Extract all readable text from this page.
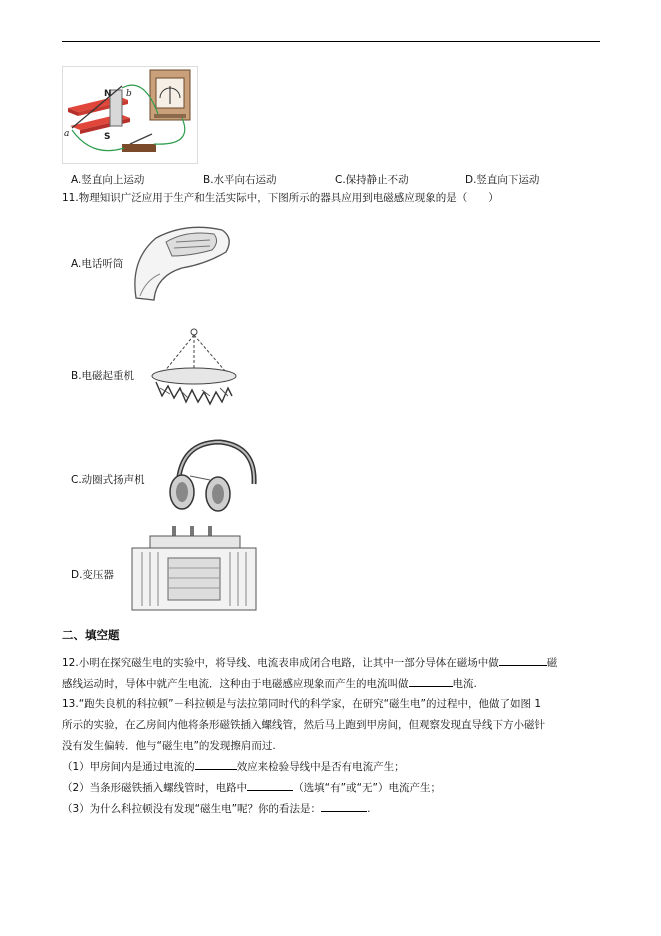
N
S
a
b
A.竖直向上运动	B.水平向右运动	C.保持静止不动	D.竖直向下运动
11.物理知识广泛应用于生产和生活实际中，下图所示的器具应用到电磁感应现象的是（　　）
A.电话听筒
B.电磁起重机
C.动圈式扬声机
D.变压器
二、填空题
12.小明在探究磁生电的实验中，将导线、电流表串成闭合电路，让其中一部分导体在磁场中做	磁
感线运动时，导体中就产生电流．这种由于电磁感应现象而产生的电流叫做	电流.
13.“跑失良机的科拉顿”－科拉顿是与法拉第同时代的科学家，在研究“磁生电”的过程中，他做了如图 1
所示的实验，在乙房间内他将条形磁铁插入螺线管，然后马上跑到甲房间，但观察发现直导线下方小磁针
没有发生偏转．他与“磁生电”的发现擦肩而过.
（1）甲房间内是通过电流的	效应来检验导线中是否有电流产生；
（2）当条形磁铁插入螺线管时，电路中	（选填“有”或“无”）电流产生；
（3）为什么科拉顿没有发现“磁生电”呢？你的看法是：	.
